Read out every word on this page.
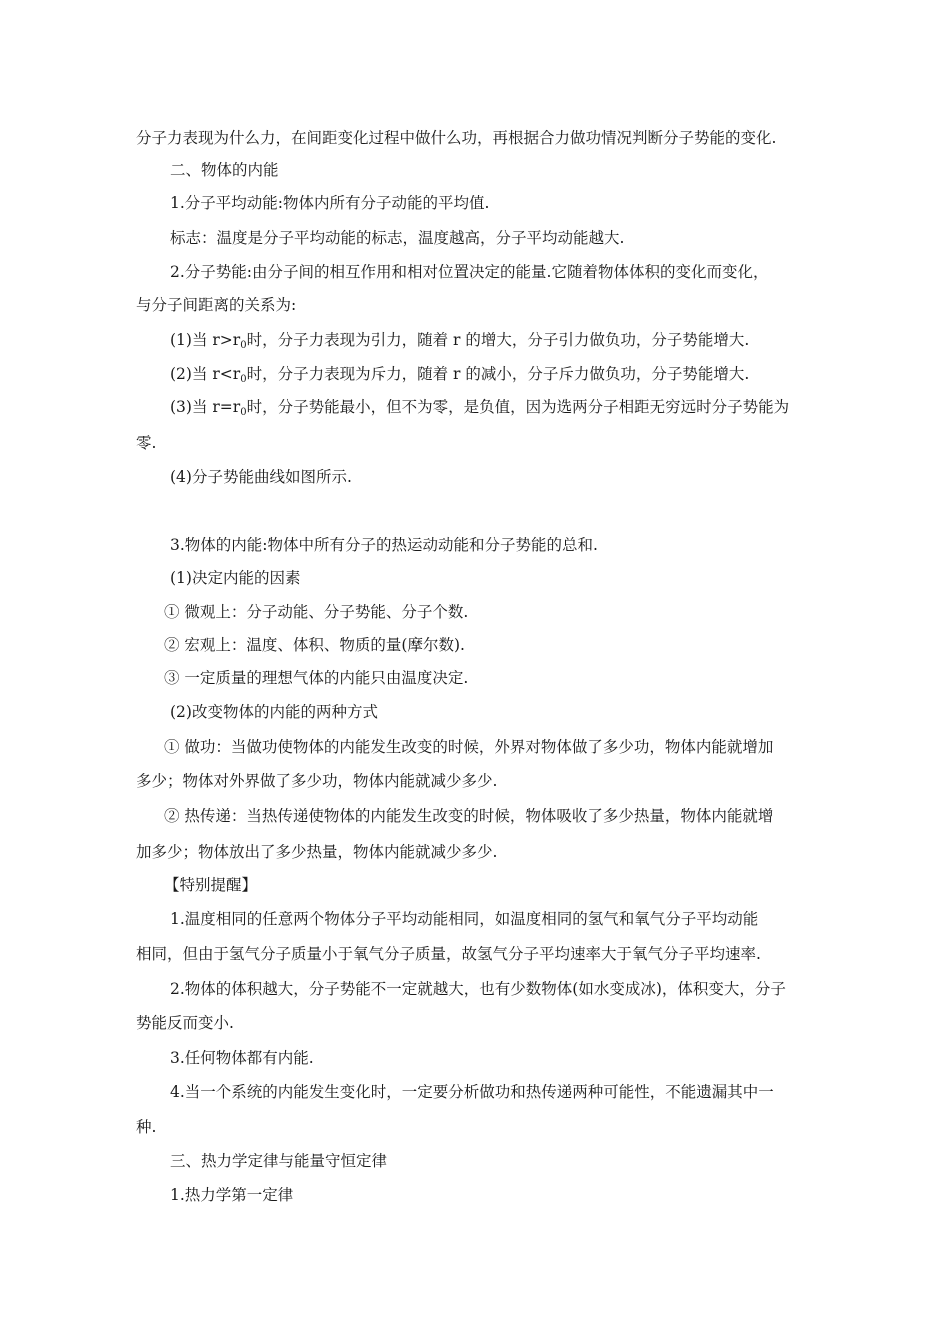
分子力表现为什么力，在间距变化过程中做什么功，再根据合力做功情况判断分子势能的变化.
二、物体的内能
1.分子平均动能:物体内所有分子动能的平均值.
标志：温度是分子平均动能的标志，温度越高，分子平均动能越大.
2.分子势能:由分子间的相互作用和相对位置决定的能量.它随着物体体积的变化而变化，
与分子间距离的关系为:
(1)当 $r>r_0$时，分子力表现为引力，随着 r 的增大，分子引力做负功，分子势能增大.
(2)当 $r<r_0$时，分子力表现为斥力，随着 r 的减小，分子斥力做负功，分子势能增大.
(3)当 $r=r_0$时，分子势能最小，但不为零，是负值，因为选两分子相距无穷远时分子势能为
零.
(4)分子势能曲线如图所示.
3.物体的内能:物体中所有分子的热运动动能和分子势能的总和.
(1)决定内能的因素
① 微观上：分子动能、分子势能、分子个数.
② 宏观上：温度、体积、物质的量(摩尔数).
③ 一定质量的理想气体的内能只由温度决定.
(2)改变物体的内能的两种方式
① 做功：当做功使物体的内能发生改变的时候，外界对物体做了多少功，物体内能就增加
多少；物体对外界做了多少功，物体内能就减少多少.
② 热传递：当热传递使物体的内能发生改变的时候，物体吸收了多少热量，物体内能就增
加多少；物体放出了多少热量，物体内能就减少多少.
【特别提醒】
1.温度相同的任意两个物体分子平均动能相同，如温度相同的氢气和氧气分子平均动能
相同，但由于氢气分子质量小于氧气分子质量，故氢气分子平均速率大于氧气分子平均速率.
2.物体的体积越大，分子势能不一定就越大，也有少数物体(如水变成冰)，体积变大，分子
势能反而变小.
3.任何物体都有内能.
4.当一个系统的内能发生变化时，一定要分析做功和热传递两种可能性，不能遗漏其中一
种.
三、热力学定律与能量守恒定律
1.热力学第一定律
